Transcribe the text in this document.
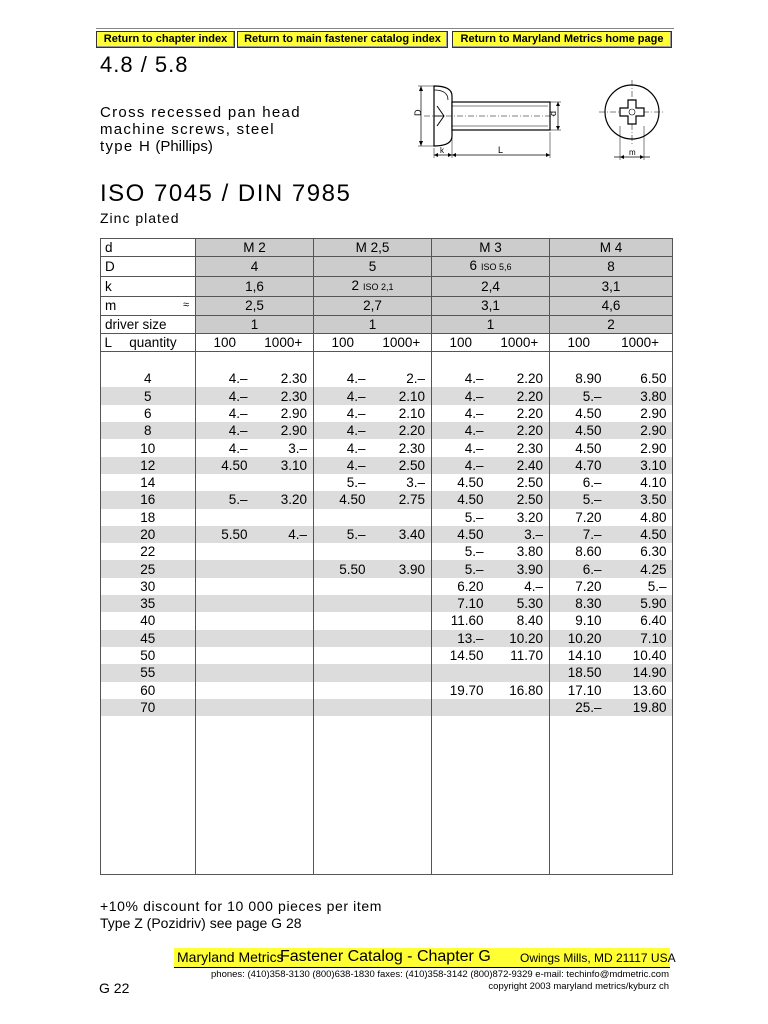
Return to chapter index	Return to main fastener catalog index	Return to Maryland Metrics home page
4.8 / 5.8
Cross recessed pan head
machine screws, steel
type H (Phillips)
ISO 7045 / DIN 7985
Zinc plated
D	d
k	L	m
d	M 2		M 2,5		M 3		M 4	
D	4		5		6 ISO 5,6		8	
k	1,6		2 ISO 2,1		2,4		3,1	
m ≈	2,5		2,7		3,1		4,6	
driver size	1		1		1		2	
L quantity	100	1000+	100	1000+	100	1000+	100	1000+

4	4.–	2.30	4.–	2.–	4.–	2.20	8.90	6.50
5	4.–	2.30	4.–	2.10	4.–	2.20	5.–	3.80
6	4.–	2.90	4.–	2.10	4.–	2.20	4.50	2.90
8	4.–	2.90	4.–	2.20	4.–	2.20	4.50	2.90
10	4.–	3.–	4.–	2.30	4.–	2.30	4.50	2.90
12	4.50	3.10	4.–	2.50	4.–	2.40	4.70	3.10
14			5.–	3.–	4.50	2.50	6.–	4.10
16	5.–	3.20	4.50	2.75	4.50	2.50	5.–	3.50
18					5.–	3.20	7.20	4.80
20	5.50	4.–	5.–	3.40	4.50	3.–	7.–	4.50
22					5.–	3.80	8.60	6.30
25			5.50	3.90	5.–	3.90	6.–	4.25
30					6.20	4.–	7.20	5.–
35					7.10	5.30	8.30	5.90
40					11.60	8.40	9.10	6.40
45					13.–	10.20	10.20	7.10
50					14.50	11.70	14.10	10.40
55							18.50	14.90
60					19.70	16.80	17.10	13.60
70							25.–	19.80
+10% discount for 10 000 pieces per item
Type Z (Pozidriv) see page G 28
Maryland Metrics
Fastener Catalog - Chapter G Owings Mills, MD 21117 USA
phones: (410)358-3130 (800)638-1830 faxes: (410)358-3142 (800)872-9329 e-mail: techinfo@mdmetric.com
copyright 2003 maryland metrics/kyburz ch
G 22
